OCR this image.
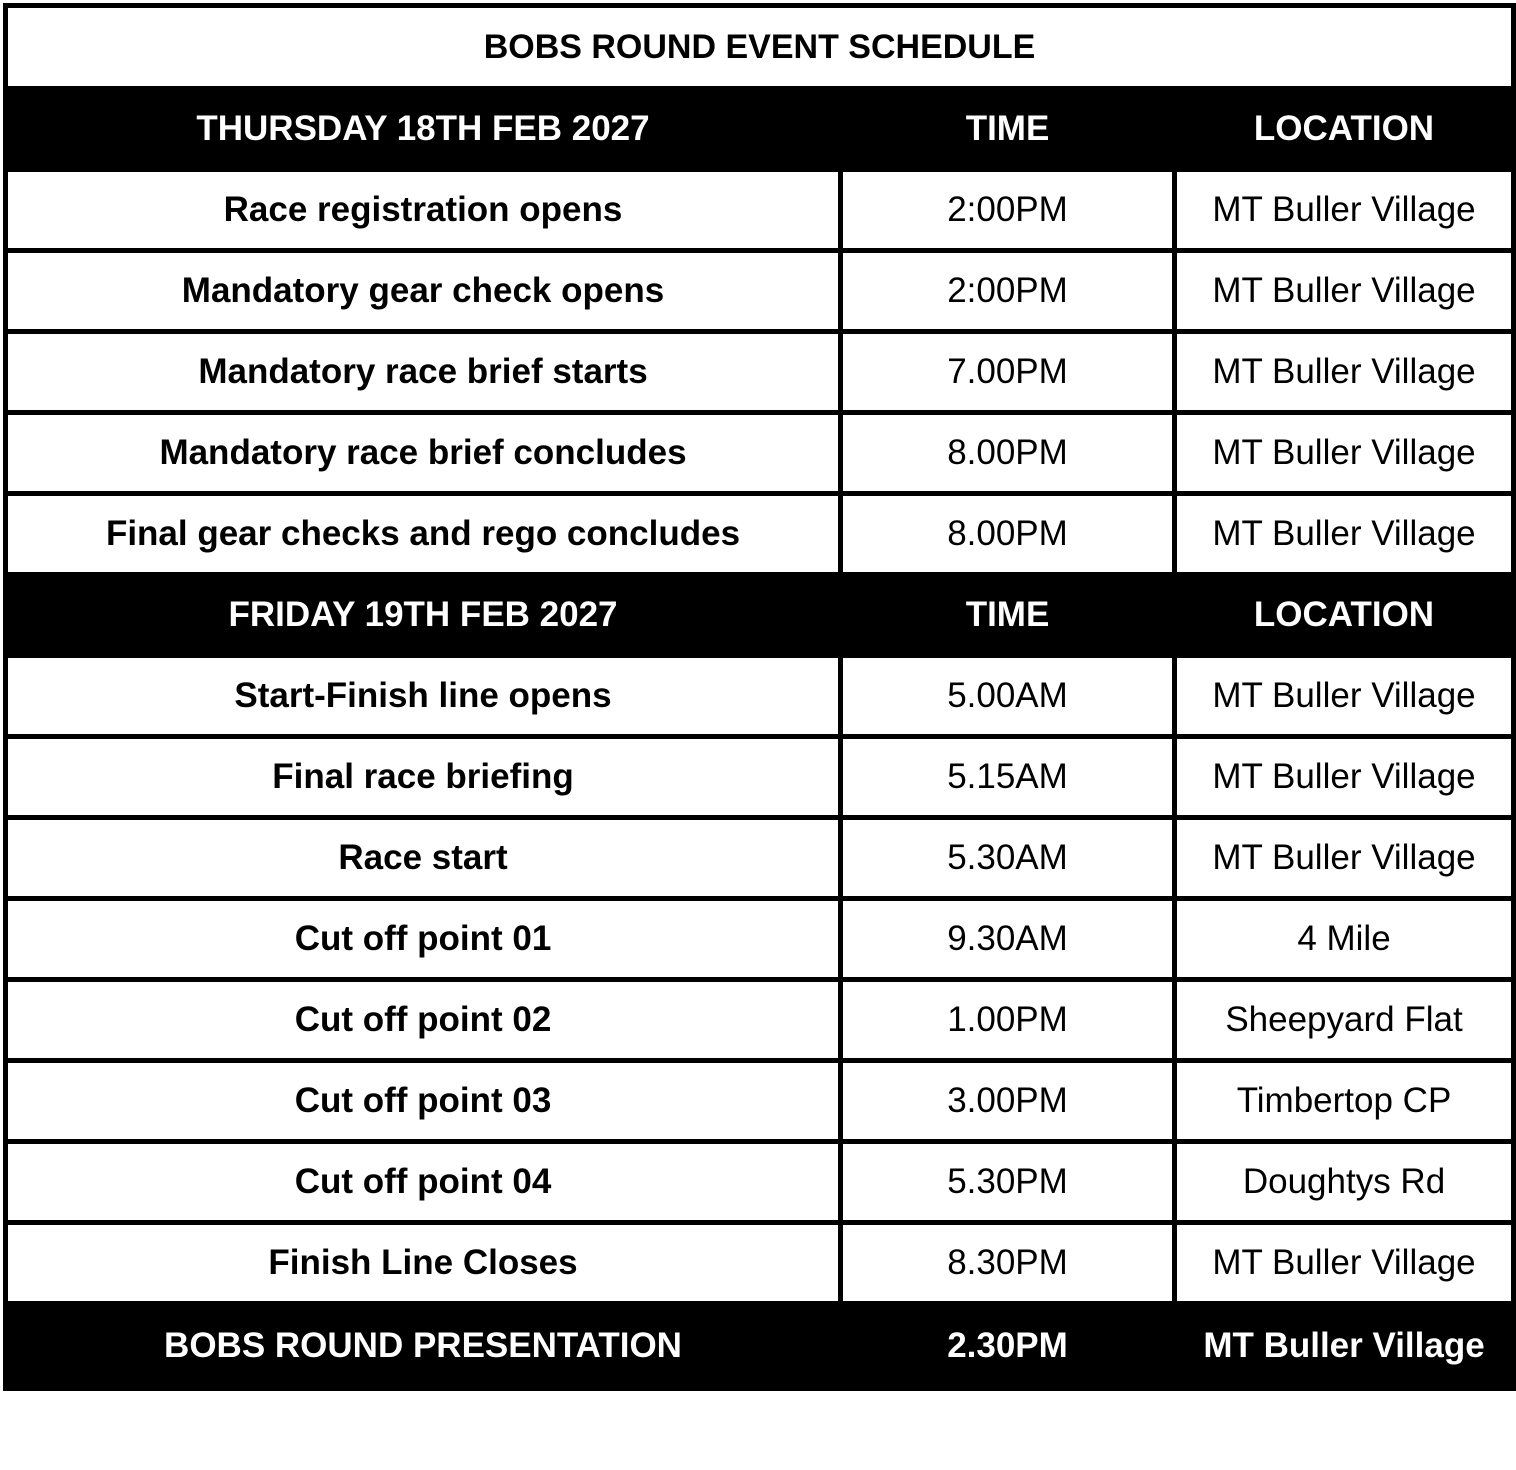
BOBS ROUND EVENT SCHEDULE		
THURSDAY 18TH FEB 2027	TIME	LOCATION
Race registration opens	2:00PM	MT Buller Village
Mandatory gear check opens	2:00PM	MT Buller Village
Mandatory race brief starts	7.00PM	MT Buller Village
Mandatory race brief concludes	8.00PM	MT Buller Village
Final gear checks and rego concludes	8.00PM	MT Buller Village
FRIDAY 19TH FEB 2027	TIME	LOCATION
Start-Finish line opens	5.00AM	MT Buller Village
Final race briefing	5.15AM	MT Buller Village
Race start	5.30AM	MT Buller Village
Cut off point 01	9.30AM	4 Mile
Cut off point 02	1.00PM	Sheepyard Flat
Cut off point 03	3.00PM	Timbertop CP
Cut off point 04	5.30PM	Doughtys Rd
Finish Line Closes	8.30PM	MT Buller Village
BOBS ROUND PRESENTATION	2.30PM	MT Buller Village
